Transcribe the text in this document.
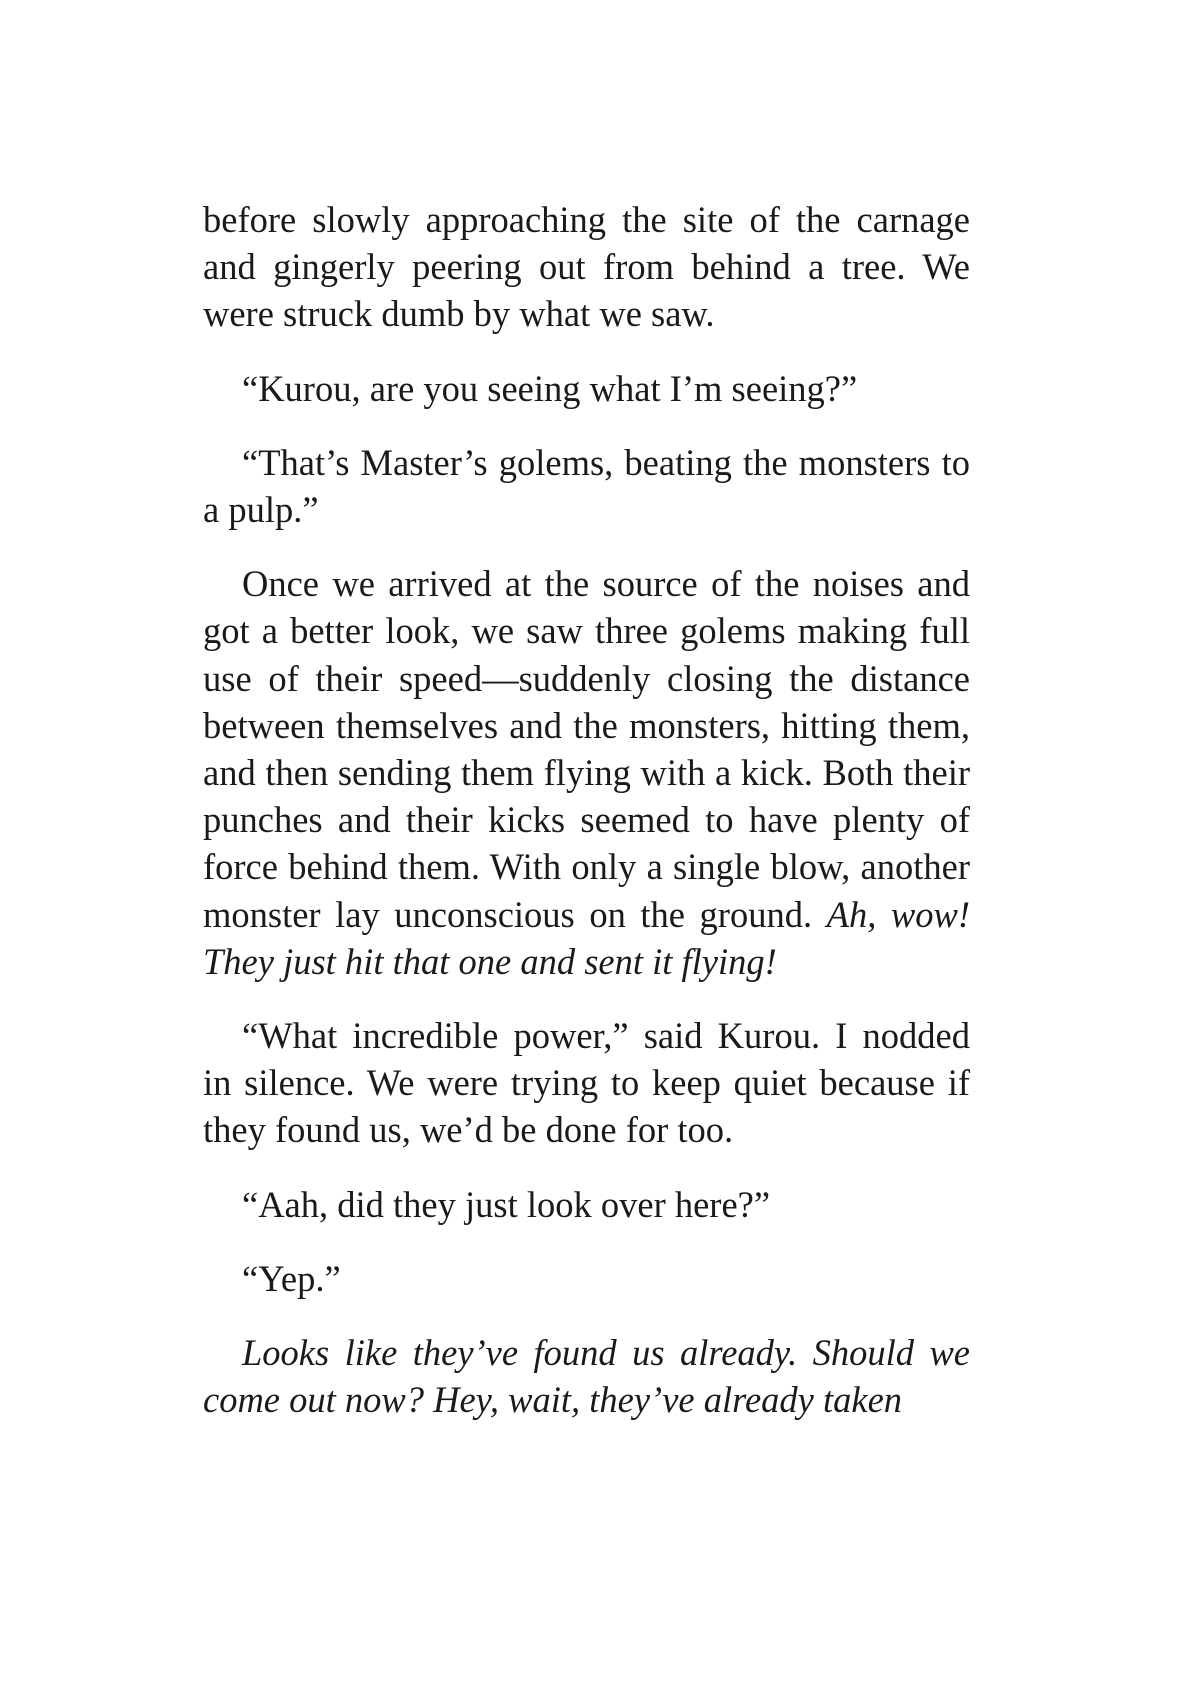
before slowly approaching the site of the carnage and gingerly peering out from behind a tree. We were struck dumb by what we saw.

“Kurou, are you seeing what I’m seeing?”

“That’s Master’s golems, beating the monsters to a pulp.”

Once we arrived at the source of the noises and got a better look, we saw three golems making full use of their speed—suddenly closing the distance between themselves and the monsters, hitting them, and then sending them flying with a kick. Both their punches and their kicks seemed to have plenty of force behind them. With only a single blow, another monster lay unconscious on the ground. Ah, wow! They just hit that one and sent it flying!

“What incredible power,” said Kurou. I nodded in silence. We were trying to keep quiet because if they found us, we’d be done for too.

“Aah, did they just look over here?”

“Yep.”

Looks like they’ve found us already. Should we come out now? Hey, wait, they’ve already taken
